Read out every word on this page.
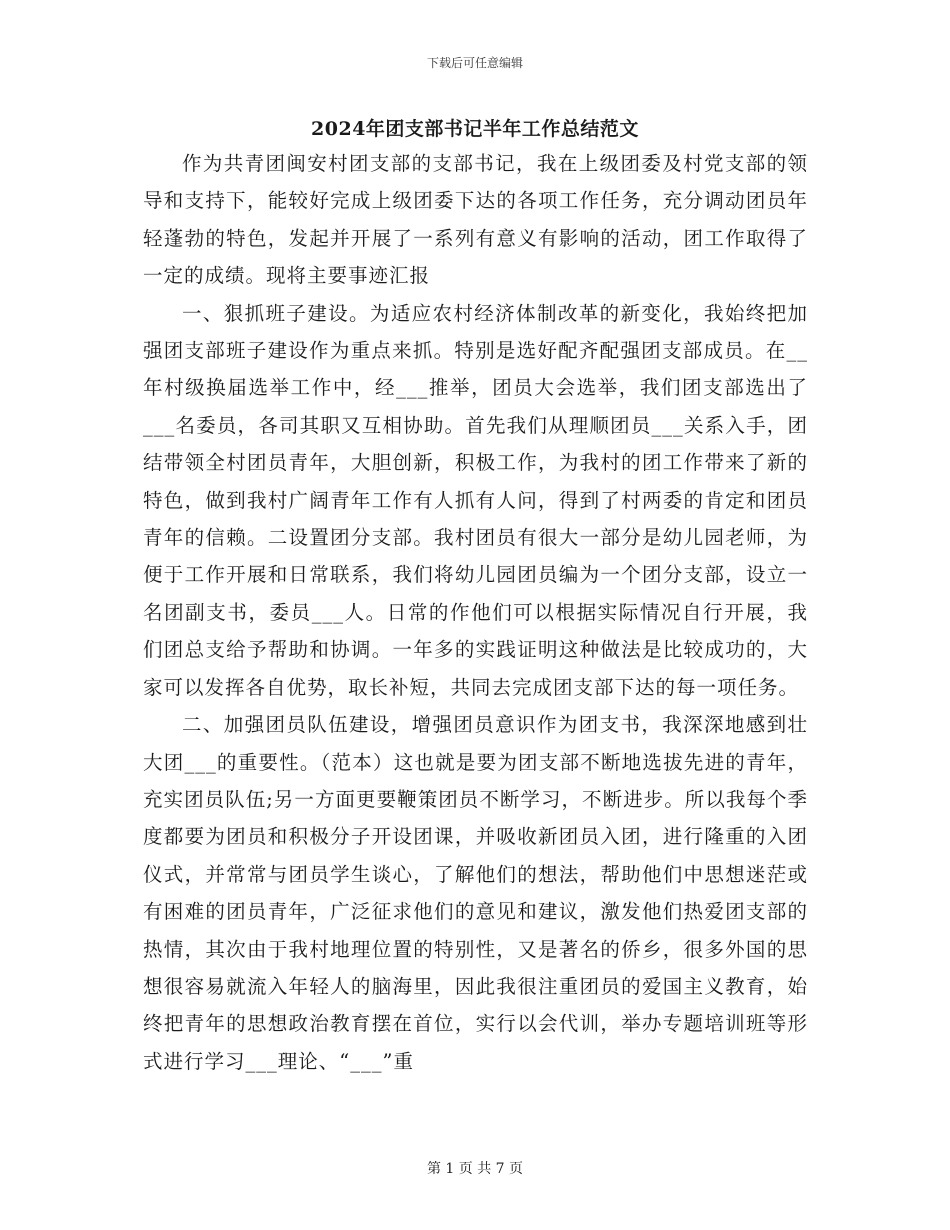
下载后可任意编辑
2024年团支部书记半年工作总结范文

作为共青团闽安村团支部的支部书记，我在上级团委及村党支部的领导和支持下，能较好完成上级团委下达的各项工作任务，充分调动团员年轻蓬勃的特色，发起并开展了一系列有意义有影响的活动，团工作取得了一定的成绩。现将主要事迹汇报

一、狠抓班子建设。为适应农村经济体制改革的新变化，我始终把加强团支部班子建设作为重点来抓。特别是选好配齐配强团支部成员。在__年村级换届选举工作中，经___推举，团员大会选举，我们团支部选出了___名委员，各司其职又互相协助。首先我们从理顺团员___关系入手，团结带领全村团员青年，大胆创新，积极工作，为我村的团工作带来了新的特色，做到我村广阔青年工作有人抓有人问，得到了村两委的肯定和团员青年的信赖。二设置团分支部。我村团员有很大一部分是幼儿园老师，为便于工作开展和日常联系，我们将幼儿园团员编为一个团分支部，设立一名团副支书，委员___人。日常的作他们可以根据实际情况自行开展，我们团总支给予帮助和协调。一年多的实践证明这种做法是比较成功的，大家可以发挥各自优势，取长补短，共同去完成团支部下达的每一项任务。

二、加强团员队伍建设，增强团员意识作为团支书，我深深地感到壮大团___的重要性。（范本）这也就是要为团支部不断地选拔先进的青年，充实团员队伍;另一方面更要鞭策团员不断学习，不断进步。所以我每个季度都要为团员和积极分子开设团课，并吸收新团员入团，进行隆重的入团仪式，并常常与团员学生谈心，了解他们的想法，帮助他们中思想迷茫或有困难的团员青年，广泛征求他们的意见和建议，激发他们热爱团支部的热情，其次由于我村地理位置的特别性，又是著名的侨乡，很多外国的思想很容易就流入年轻人的脑海里，因此我很注重团员的爱国主义教育，始终把青年的思想政治教育摆在首位，实行以会代训，举办专题培训班等形式进行学习___理论、“___”重

第 1 页 共 7 页
